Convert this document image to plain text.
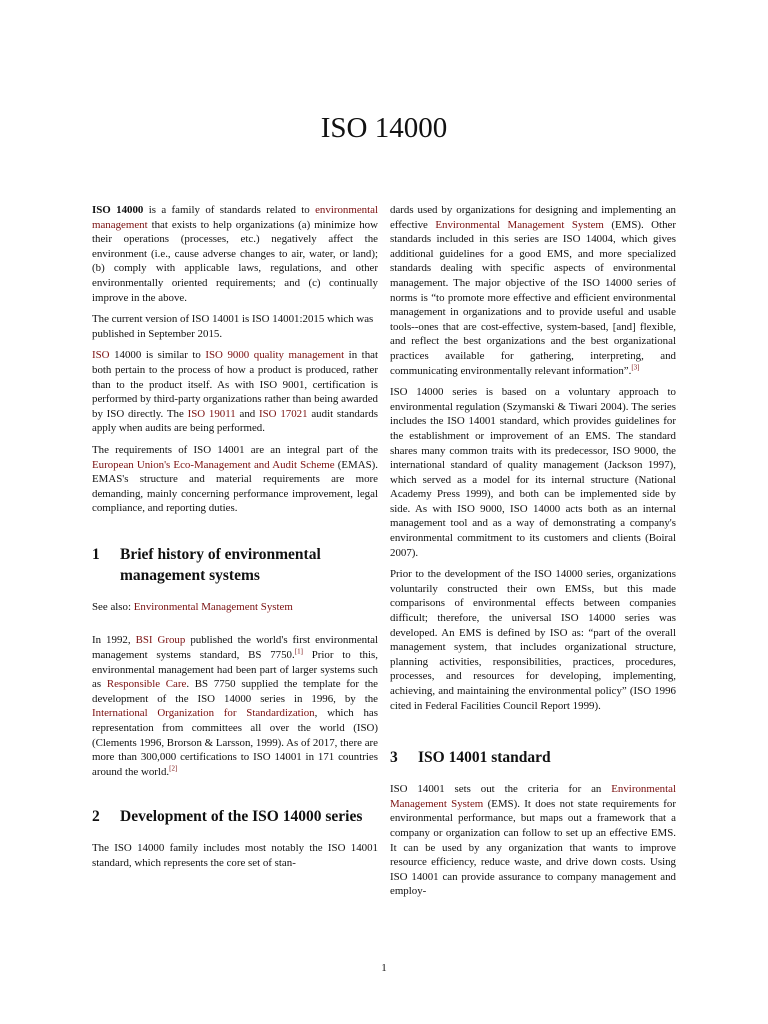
ISO 14000

ISO 14000 is a family of standards related to environmental management that exists to help organizations (a) minimize how their operations (processes, etc.) negatively affect the environment (i.e., cause adverse changes to air, water, or land); (b) comply with applicable laws, regulations, and other environmentally oriented requirements; and (c) continually improve in the above.

The current version of ISO 14001 is ISO 14001:2015 which was published in September 2015.

ISO 14000 is similar to ISO 9000 quality management in that both pertain to the process of how a product is produced, rather than to the product itself. As with ISO 9001, certification is performed by third-party organizations rather than being awarded by ISO directly. The ISO 19011 and ISO 17021 audit standards apply when audits are being performed.

The requirements of ISO 14001 are an integral part of the European Union's Eco-Management and Audit Scheme (EMAS). EMAS's structure and material requirements are more demanding, mainly concerning performance improvement, legal compliance, and reporting duties.

1	Brief history of environmental management systems

See also: Environmental Management System

In 1992, BSI Group published the world's first environmental management systems standard, BS 7750.[1] Prior to this, environmental management had been part of larger systems such as Responsible Care. BS 7750 supplied the template for the development of the ISO 14000 series in 1996, by the International Organization for Standardization, which has representation from committees all over the world (ISO) (Clements 1996, Brorson & Larsson, 1999). As of 2017, there are more than 300,000 certifications to ISO 14001 in 171 countries around the world.[2]

2	Development of the ISO 14000 series

The ISO 14000 family includes most notably the ISO 14001 standard, which represents the core set of stan-

dards used by organizations for designing and implementing an effective Environmental Management System (EMS). Other standards included in this series are ISO 14004, which gives additional guidelines for a good EMS, and more specialized standards dealing with specific aspects of environmental management. The major objective of the ISO 14000 series of norms is “to promote more effective and efficient environmental management in organizations and to provide useful and usable tools--ones that are cost-effective, system-based, [and] flexible, and reflect the best organizations and the best organizational practices available for gathering, interpreting, and communicating environmentally relevant information”.[3]

ISO 14000 series is based on a voluntary approach to environmental regulation (Szymanski & Tiwari 2004). The series includes the ISO 14001 standard, which provides guidelines for the establishment or improvement of an EMS. The standard shares many common traits with its predecessor, ISO 9000, the international standard of quality management (Jackson 1997), which served as a model for its internal structure (National Academy Press 1999), and both can be implemented side by side. As with ISO 9000, ISO 14000 acts both as an internal management tool and as a way of demonstrating a company's environmental commitment to its customers and clients (Boiral 2007).

Prior to the development of the ISO 14000 series, organizations voluntarily constructed their own EMSs, but this made comparisons of environmental effects between companies difficult; therefore, the universal ISO 14000 series was developed. An EMS is defined by ISO as: “part of the overall management system, that includes organizational structure, planning activities, responsibilities, practices, procedures, processes, and resources for developing, implementing, achieving, and maintaining the environmental policy” (ISO 1996 cited in Federal Facilities Council Report 1999).

3	ISO 14001 standard

ISO 14001 sets out the criteria for an Environmental Management System (EMS). It does not state requirements for environmental performance, but maps out a framework that a company or organization can follow to set up an effective EMS. It can be used by any organization that wants to improve resource efficiency, reduce waste, and drive down costs. Using ISO 14001 can provide assurance to company management and employ-

1
